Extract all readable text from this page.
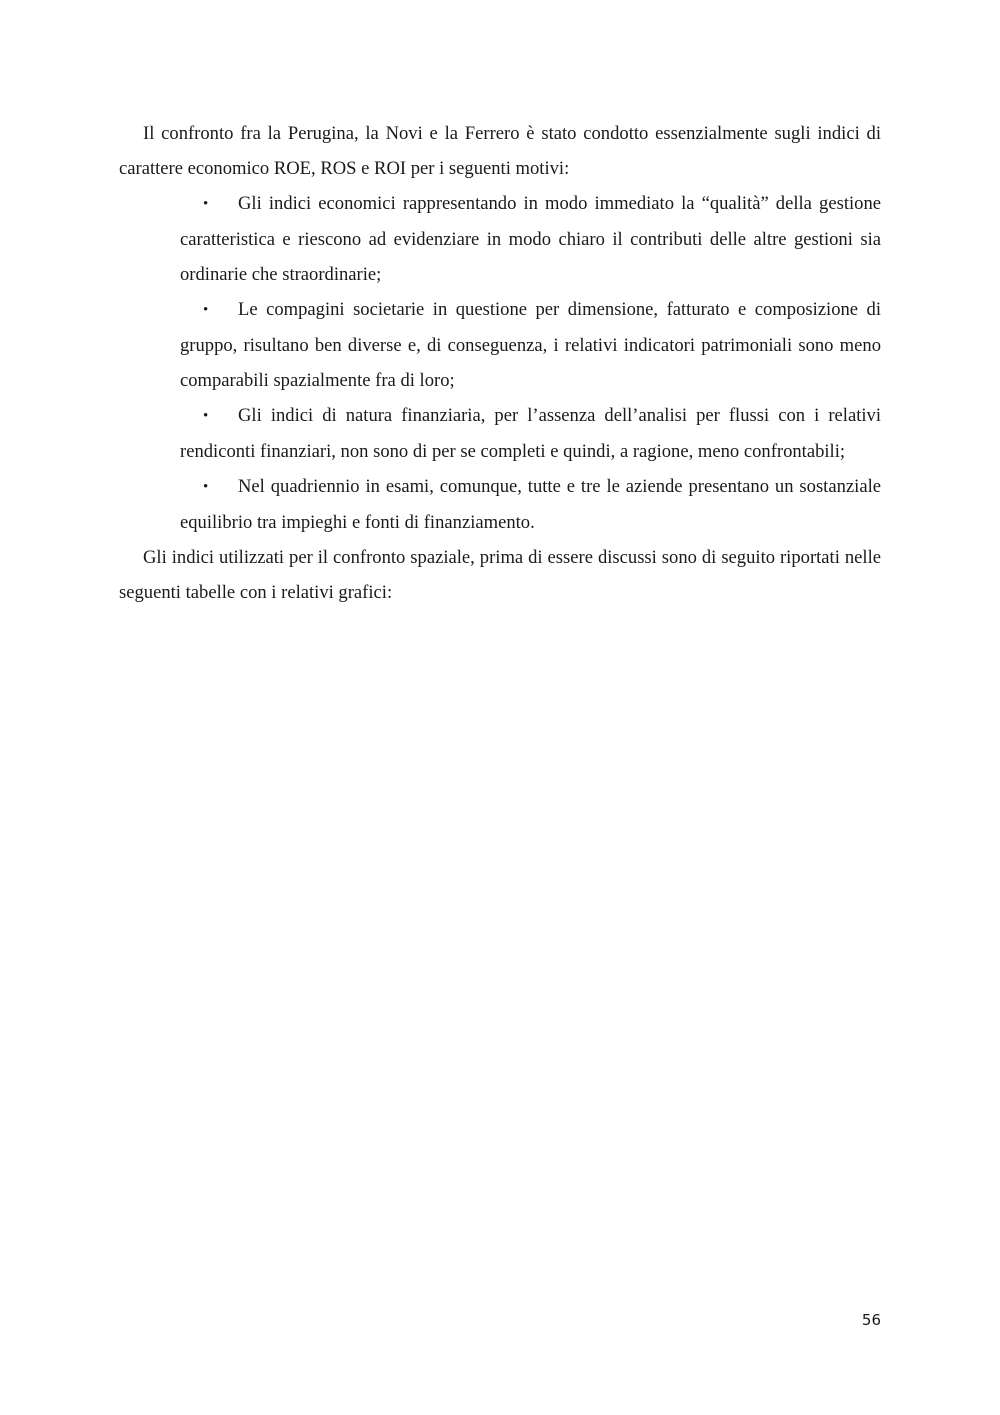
Il confronto fra la Perugina, la Novi e la Ferrero è stato condotto essenzialmente sugli indici di carattere economico ROE, ROS e ROI per i seguenti motivi:

• Gli indici economici rappresentando in modo immediato la “qualità” della gestione caratteristica e riescono ad evidenziare in modo chiaro il contributi delle altre gestioni sia ordinarie che straordinarie;
• Le compagini societarie in questione per dimensione, fatturato e composizione di gruppo, risultano ben diverse e, di conseguenza, i relativi indicatori patrimoniali sono meno comparabili spazialmente fra di loro;
• Gli indici di natura finanziaria, per l’assenza dell’analisi per flussi con i relativi rendiconti finanziari, non sono di per se completi e quindi, a ragione, meno confrontabili;
• Nel quadriennio in esami, comunque, tutte e tre le aziende presentano un sostanziale equilibrio tra impieghi e fonti di finanziamento.

Gli indici utilizzati per il confronto spaziale, prima di essere discussi sono di seguito riportati nelle seguenti tabelle con i relativi grafici:

56
